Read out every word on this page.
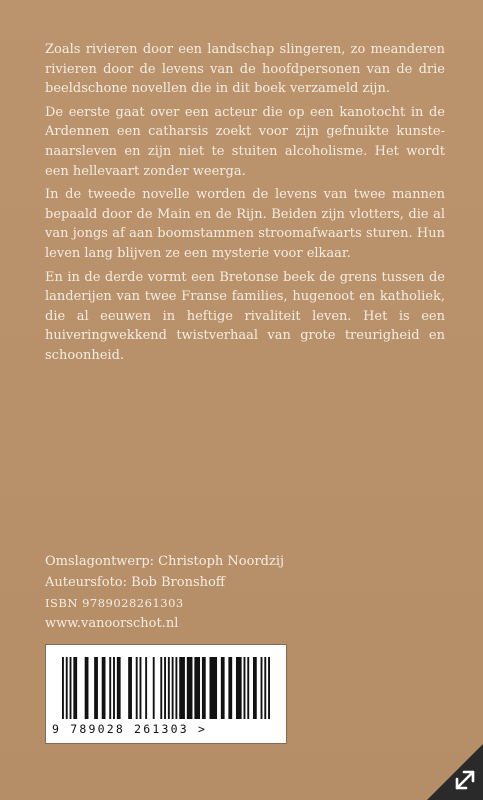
Zoals rivieren door een landschap slingeren, zo meanderen rivieren door de levens van de hoofdpersonen van de drie beeldschone novellen die in dit boek verzameld zijn.

De eerste gaat over een acteur die op een kanotocht in de Ardennen een catharsis zoekt voor zijn gefnuikte kunste-naarsleven en zijn niet te stuiten alcoholisme. Het wordt een hellevaart zonder weerga.

In de tweede novelle worden de levens van twee mannen bepaald door de Main en de Rijn. Beiden zijn vlotters, die al van jongs af aan boomstammen stroomafwaarts sturen. Hun leven lang blijven ze een mysterie voor elkaar.

En in de derde vormt een Bretonse beek de grens tussen de landerijen van twee Franse families, hugenoot en katholiek, die al eeuwen in heftige rivaliteit leven. Het is een huiveringwekkend twistverhaal van grote treurigheid en schoonheid.

Omslagontwerp: Christoph Noordzij
Auteursfoto: Bob Bronshoff
ISBN 9789028261303
www.vanoorschot.nl
9 789028 261303 >
